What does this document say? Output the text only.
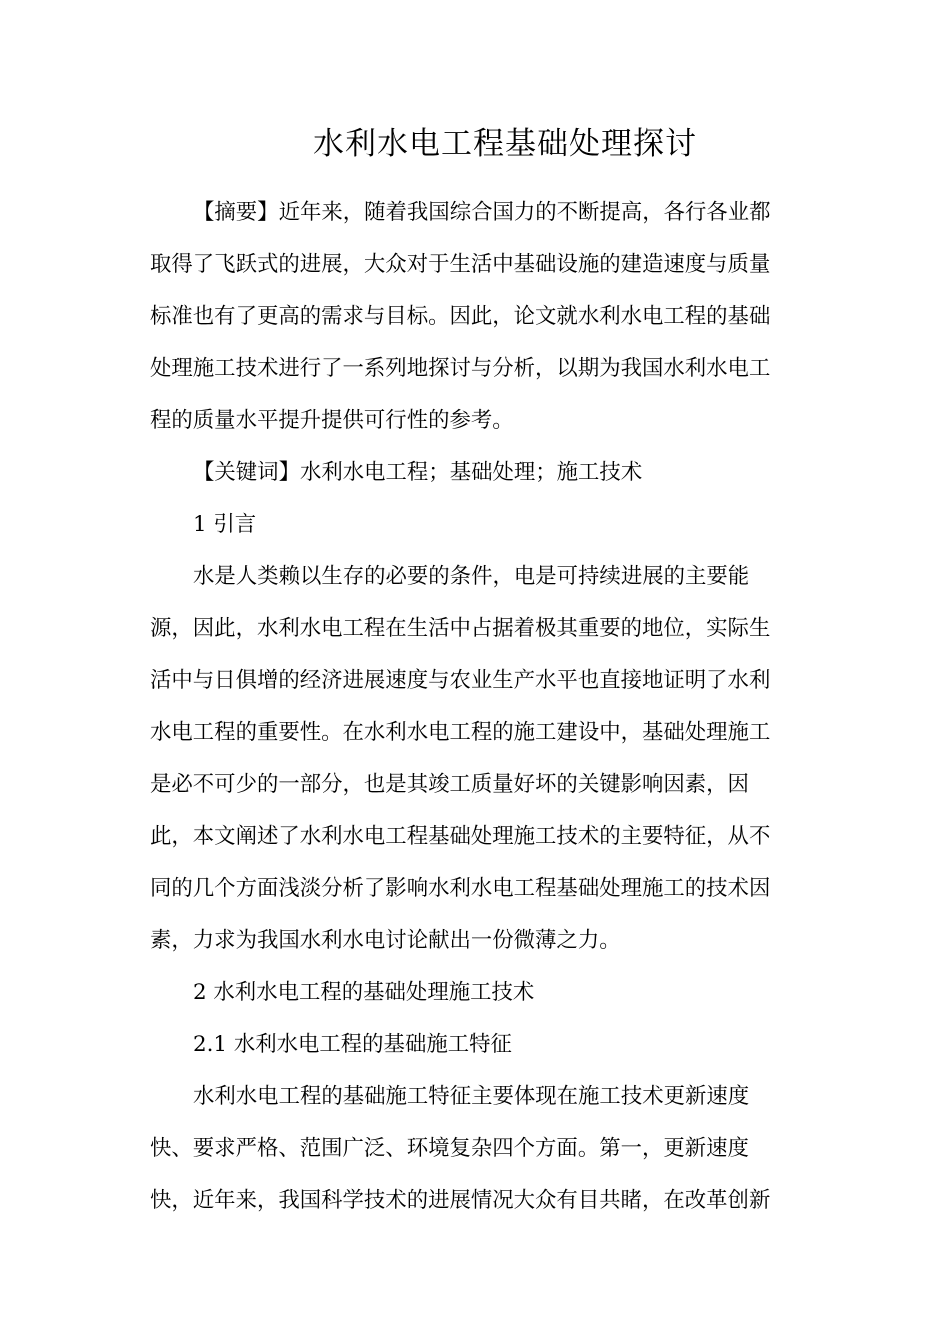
水利水电工程基础处理探讨
【摘要】近年来，随着我国综合国力的不断提高，各行各业都
取得了飞跃式的进展，大众对于生活中基础设施的建造速度与质量
标准也有了更高的需求与目标。因此，论文就水利水电工程的基础
处理施工技术进行了一系列地探讨与分析，以期为我国水利水电工
程的质量水平提升提供可行性的参考。
【关键词】水利水电工程；基础处理；施工技术
1 引言
水是人类赖以生存的必要的条件，电是可持续进展的主要能
源，因此，水利水电工程在生活中占据着极其重要的地位，实际生
活中与日俱增的经济进展速度与农业生产水平也直接地证明了水利
水电工程的重要性。在水利水电工程的施工建设中，基础处理施工
是必不可少的一部分，也是其竣工质量好坏的关键影响因素，因
此，本文阐述了水利水电工程基础处理施工技术的主要特征，从不
同的几个方面浅淡分析了影响水利水电工程基础处理施工的技术因
素，力求为我国水利水电讨论献出一份微薄之力。
2 水利水电工程的基础处理施工技术
2.1 水利水电工程的基础施工特征
水利水电工程的基础施工特征主要体现在施工技术更新速度
快、要求严格、范围广泛、环境复杂四个方面。第一，更新速度
快，近年来，我国科学技术的进展情况大众有目共睹，在改革创新
